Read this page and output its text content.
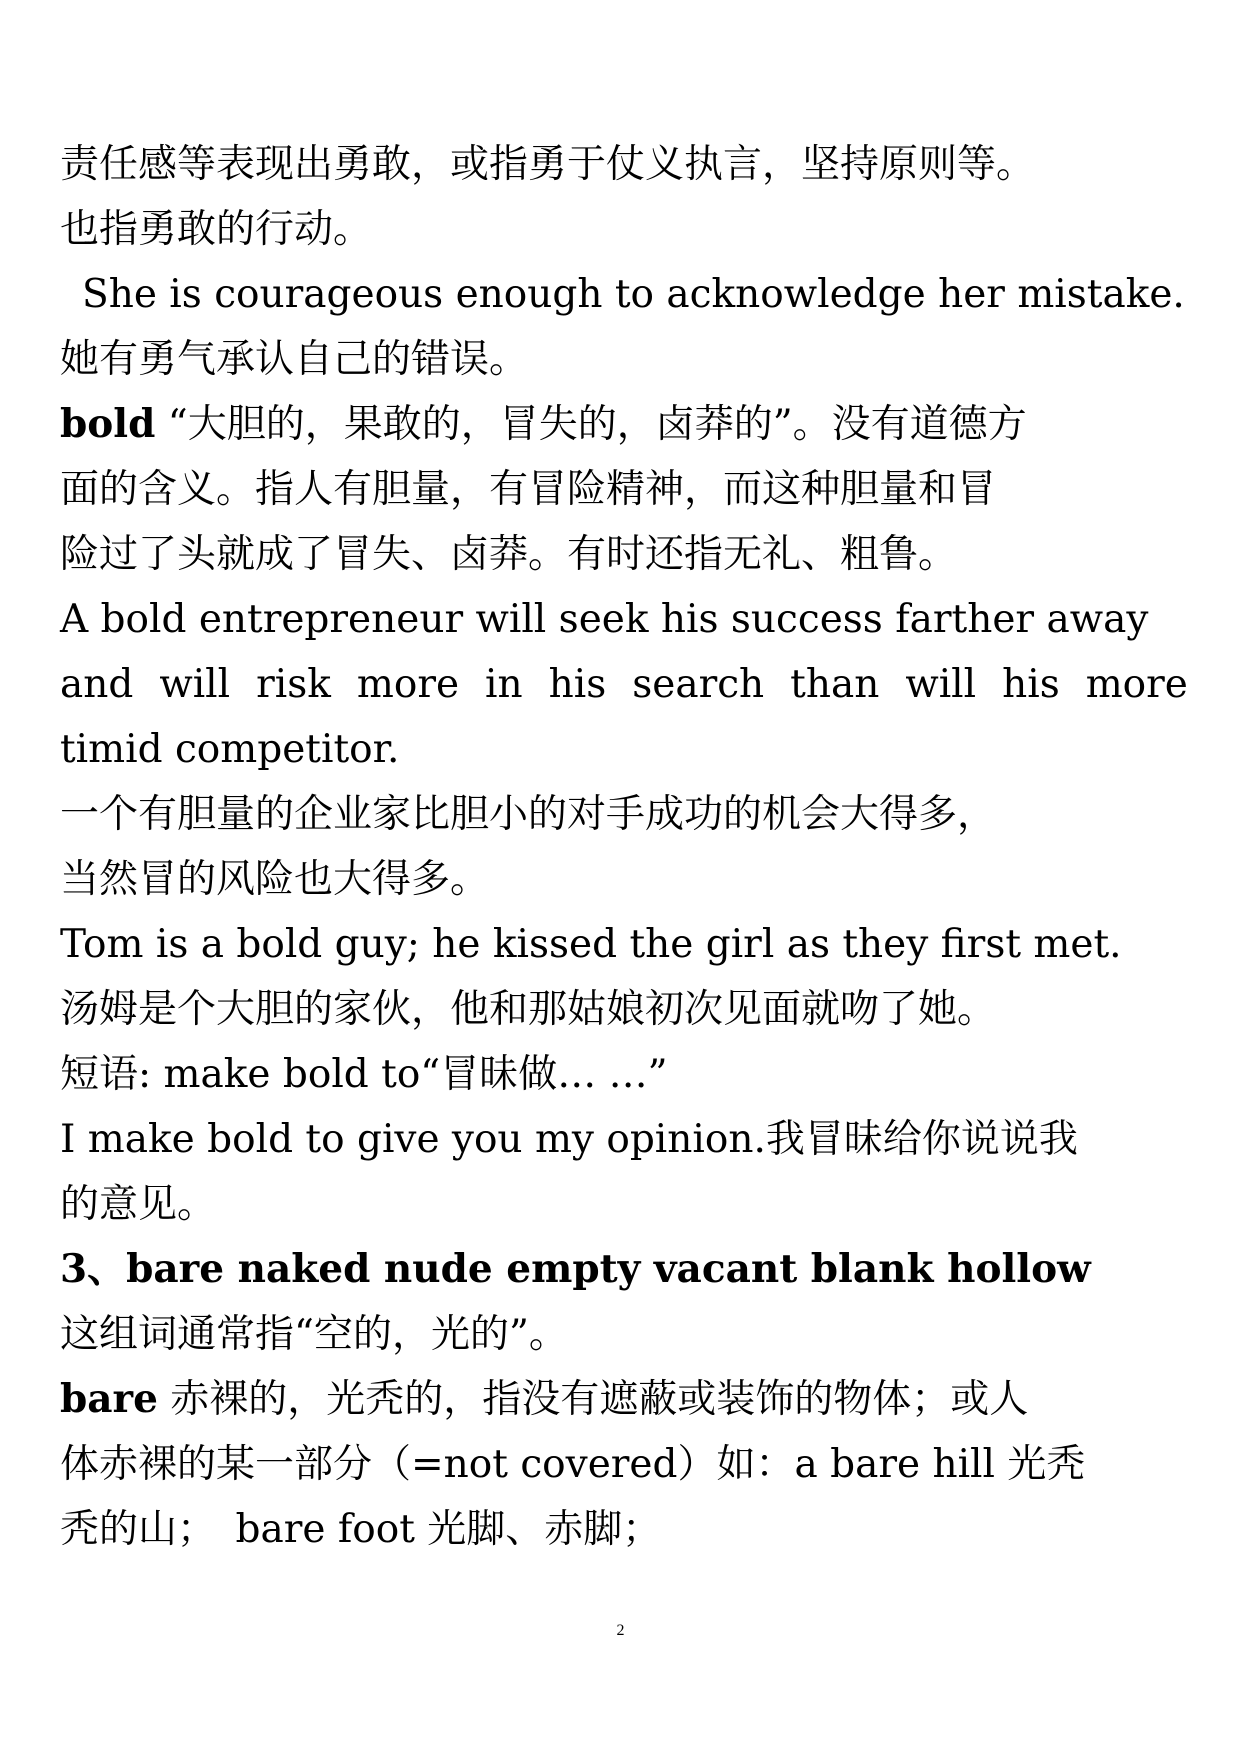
责任感等表现出勇敢，或指勇于仗义执言，坚持原则等。
也指勇敢的行动。
She is courageous enough to acknowledge her mistake.
她有勇气承认自己的错误。
bold “大胆的，果敢的，冒失的，卤莽的”。没有道德方
面的含义。指人有胆量，有冒险精神，而这种胆量和冒
险过了头就成了冒失、卤莽。有时还指无礼、粗鲁。
A bold entrepreneur will seek his success farther away
and will risk more in his search than will his more
timid competitor.
一个有胆量的企业家比胆小的对手成功的机会大得多，
当然冒的风险也大得多。
Tom is a bold guy; he kissed the girl as they first met.
汤姆是个大胆的家伙，他和那姑娘初次见面就吻了她。
短语: make bold to“冒昧做… …”
I make bold to give you my opinion.我冒昧给你说说我
的意见。
3、bare naked nude empty vacant blank hollow
这组词通常指“空的，光的”。
bare 赤裸的，光秃的，指没有遮蔽或装饰的物体；或人
体赤裸的某一部分（=not covered）如：a bare hill 光秃
秃的山；　bare foot 光脚、赤脚；
2
